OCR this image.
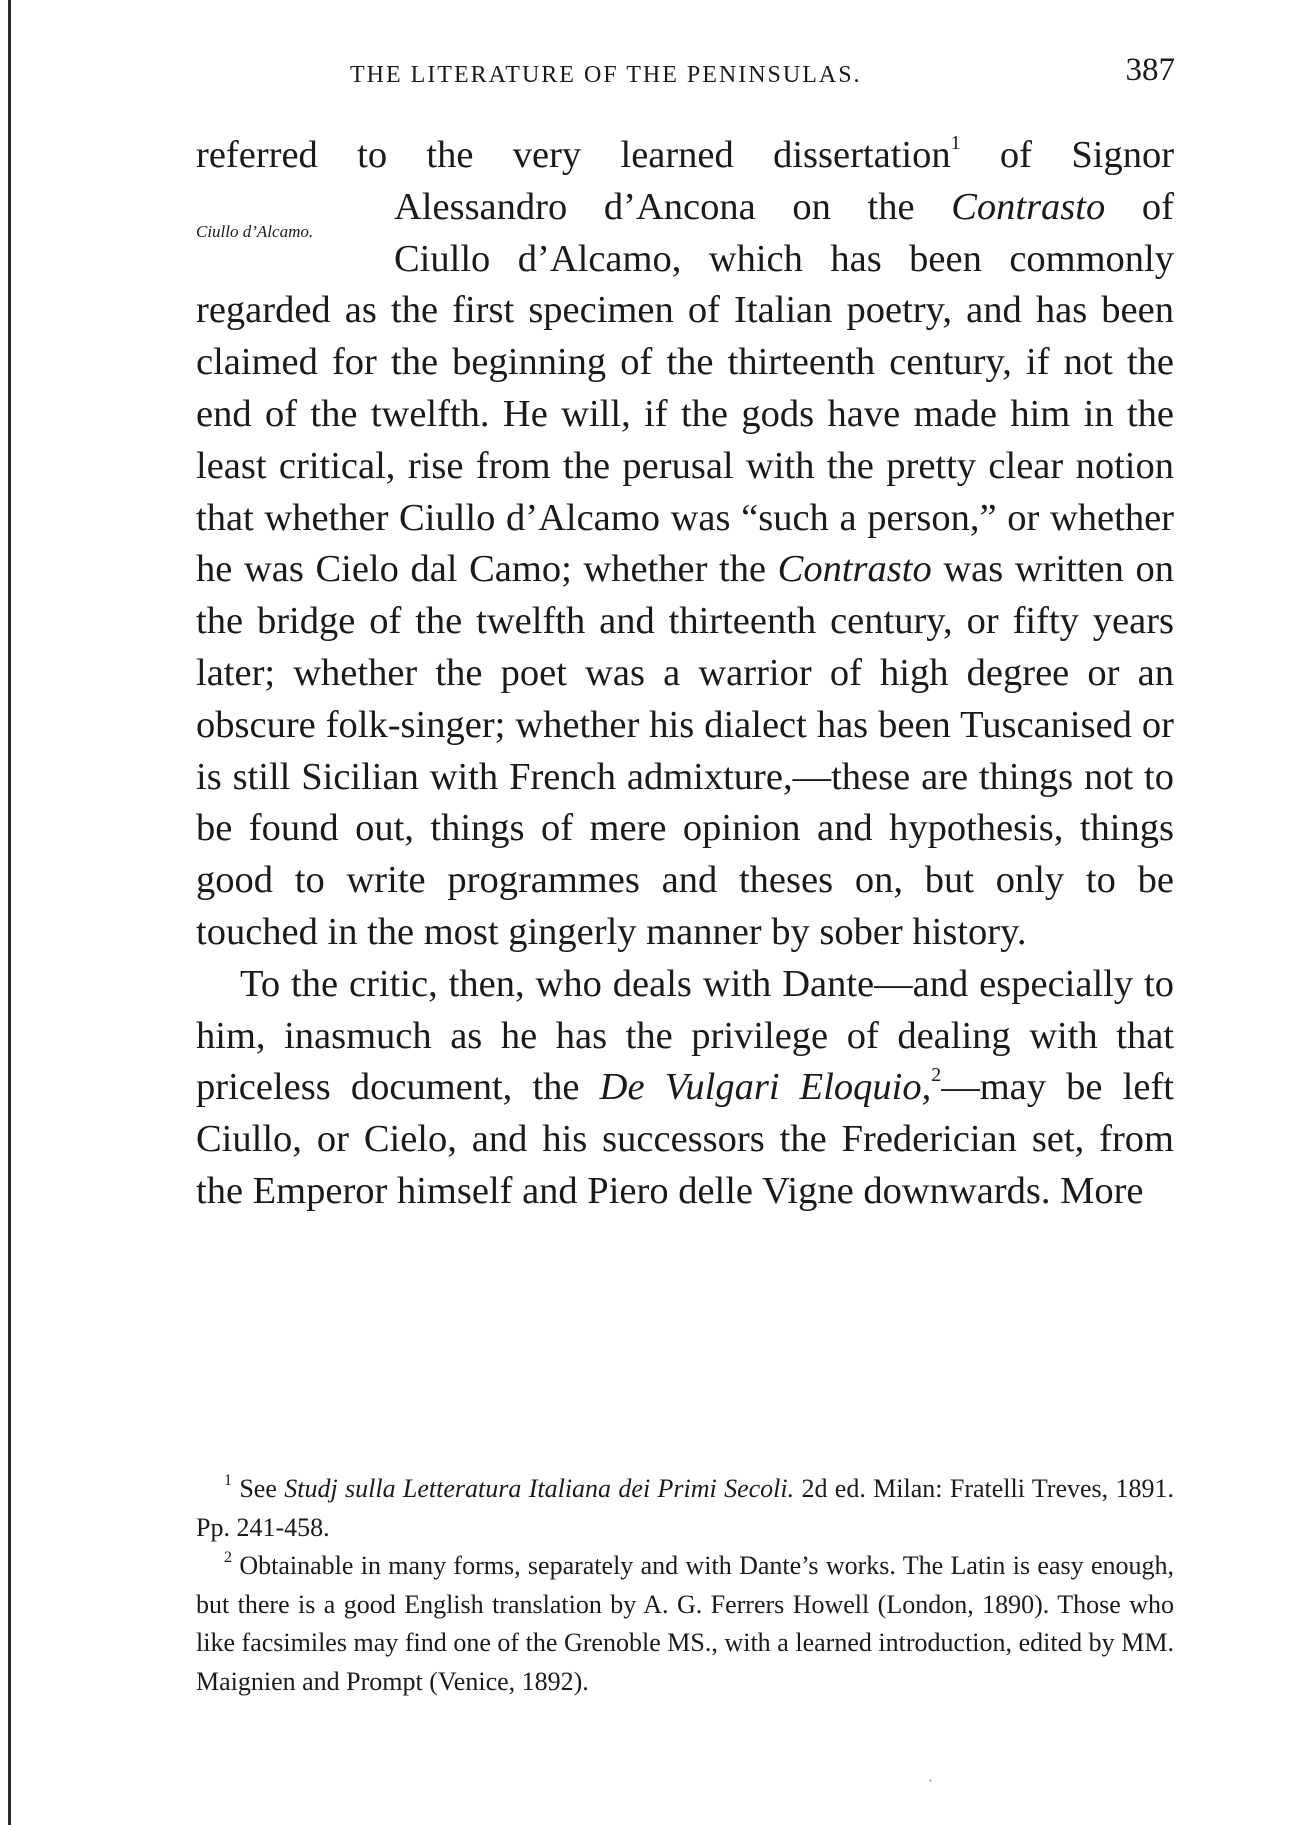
THE LITERATURE OF THE PENINSULAS.	387

referred to the very learned dissertation$^1$ of Signor
Ciullo d’Alcamo.
Alessandro d’Ancona on the Contrasto of
Ciullo d’Alcamo, which has been commonly
regarded as the first specimen of Italian poetry, and has been claimed for the beginning of the thirteenth century, if not the end of the twelfth. He will, if the gods have made him in the least critical, rise from the perusal with the pretty clear notion that whether Ciullo d’Alcamo was “such a person,” or whether he was Cielo dal Camo; whether the Contrasto was written on the bridge of the twelfth and thirteenth century, or fifty years later; whether the poet was a warrior of high degree or an obscure folk-singer; whether his dialect has been Tuscanised or is still Sicilian with French admixture,—these are things not to be found out, things of mere opinion and hypothesis, things good to write programmes and theses on, but only to be touched in the most gingerly manner by sober history.

To the critic, then, who deals with Dante—and especially to him, inasmuch as he has the privilege of dealing with that priceless document, the De Vulgari Eloquio,$^2$—may be left Ciullo, or Cielo, and his successors the Frederician set, from the Emperor himself and Piero delle Vigne downwards. More

$^1$ See Studj sulla Letteratura Italiana dei Primi Secoli. 2d ed. Milan: Fratelli Treves, 1891. Pp. 241-458.

$^2$ Obtainable in many forms, separately and with Dante’s works. The Latin is easy enough, but there is a good English translation by A. G. Ferrers Howell (London, 1890). Those who like facsimiles may find one of the Grenoble MS., with a learned introduction, edited by MM. Maignien and Prompt (Venice, 1892).

·
